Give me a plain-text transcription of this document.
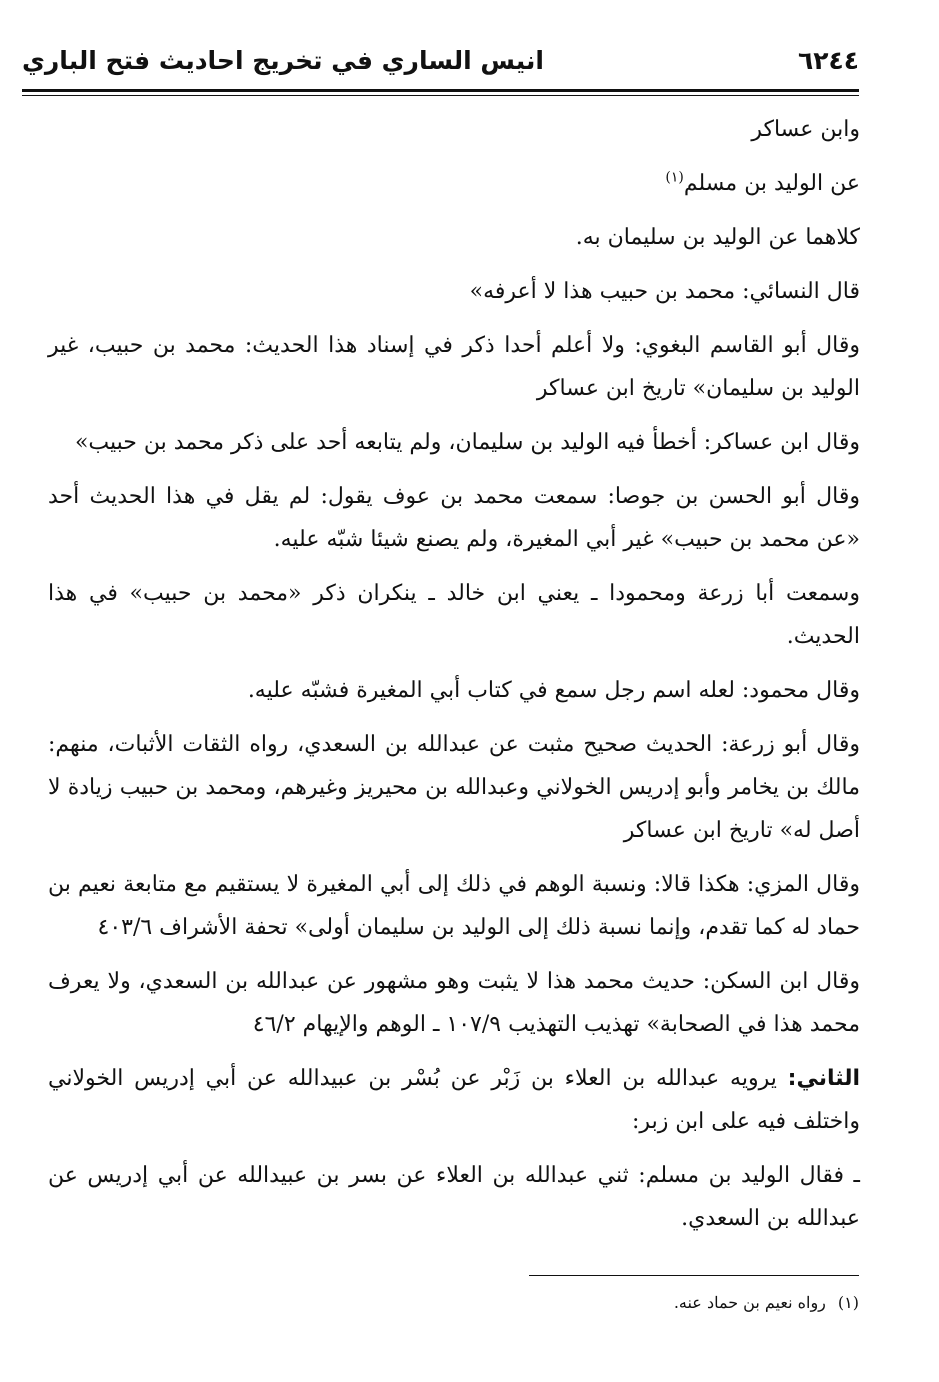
انيس الساري في تخريج احاديث فتح الباري	٦٢٤٤

وابن عساكر

عن الوليد بن مسلم$^{(١)}$

كلاهما عن الوليد بن سليمان به.

قال النسائي: محمد بن حبيب هذا لا أعرفه»

وقال أبو القاسم البغوي: ولا أعلم أحدا ذكر في إسناد هذا الحديث: محمد بن حبيب، غير الوليد بن سليمان» تاريخ ابن عساكر

وقال ابن عساكر: أخطأ فيه الوليد بن سليمان، ولم يتابعه أحد على ذكر محمد بن حبيب»

وقال أبو الحسن بن جوصا: سمعت محمد بن عوف يقول: لم يقل في هذا الحديث أحد «عن محمد بن حبيب» غير أبي المغيرة، ولم يصنع شيئا شبّه عليه.

وسمعت أبا زرعة ومحمودا ـ يعني ابن خالد ـ ينكران ذكر «محمد بن حبيب» في هذا الحديث.

وقال محمود: لعله اسم رجل سمع في كتاب أبي المغيرة فشبّه عليه.

وقال أبو زرعة: الحديث صحيح مثبت عن عبدالله بن السعدي، رواه الثقات الأثبات، منهم: مالك بن يخامر وأبو إدريس الخولاني وعبدالله بن محيريز وغيرهم، ومحمد بن حبيب زيادة لا أصل له» تاريخ ابن عساكر

وقال المزي: هكذا قالا: ونسبة الوهم في ذلك إلى أبي المغيرة لا يستقيم مع متابعة نعيم بن حماد له كما تقدم، وإنما نسبة ذلك إلى الوليد بن سليمان أولى» تحفة الأشراف ٤٠٣/٦

وقال ابن السكن: حديث محمد هذا لا يثبت وهو مشهور عن عبدالله بن السعدي، ولا يعرف محمد هذا في الصحابة» تهذيب التهذيب ١٠٧/٩ ـ الوهم والإيهام ٤٦/٢

الثاني: يرويه عبدالله بن العلاء بن زَبْر عن بُسْر بن عبيدالله عن أبي إدريس الخولاني واختلف فيه على ابن زبر:

ـ فقال الوليد بن مسلم: ثني عبدالله بن العلاء عن بسر بن عبيدالله عن أبي إدريس عن عبدالله بن السعدي.

(١)رواه نعيم بن حماد عنه.
